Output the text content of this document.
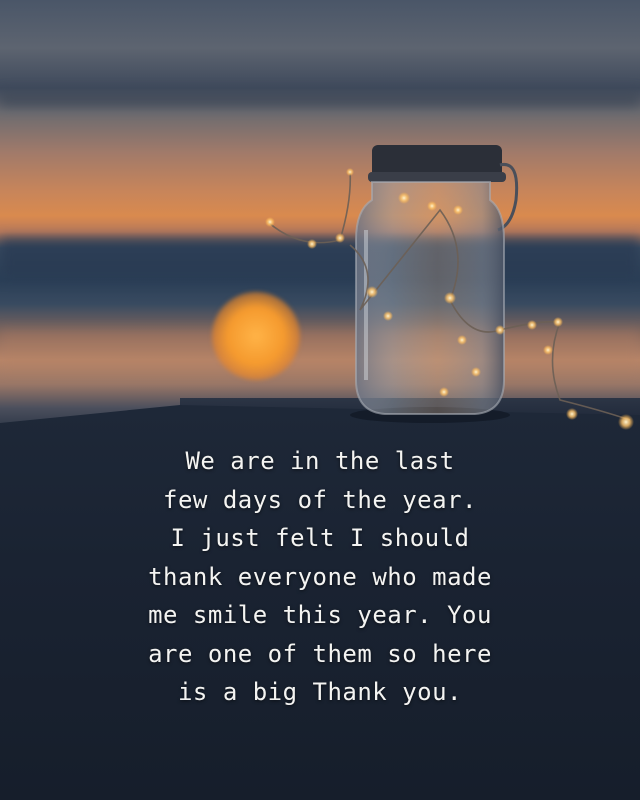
We are in the last
few days of the year.
I just felt I should
thank everyone who made
me smile this year. You
are one of them so here
is a big Thank you.
